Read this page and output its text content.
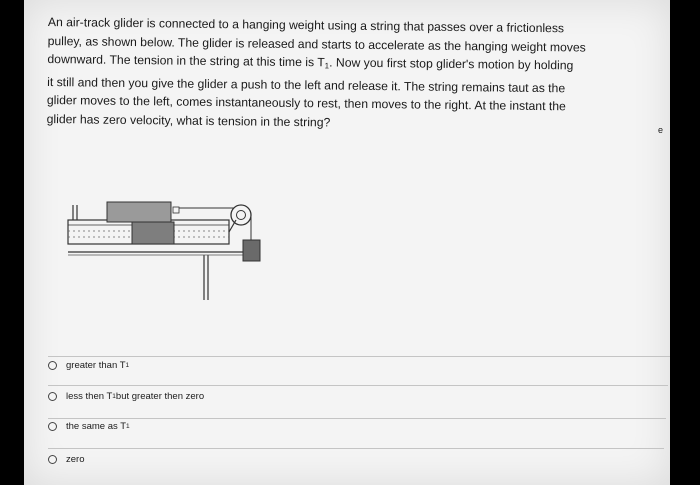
An air-track glider is connected to a hanging weight using a string that passes over a frictionless
pulley, as shown below. The glider is released and starts to accelerate as the hanging weight moves
downward. The tension in the string at this time is $T_1$. Now you first stop glider's motion by holding
it still and then you give the glider a push to the left and release it. The string remains taut as the
glider moves to the left, comes instantaneously to rest, then moves to the right. At the instant the
glider has zero velocity, what is tension in the string?
e
greater than T 1
less then T 1 but greater then zero
the same as T 1
zero
